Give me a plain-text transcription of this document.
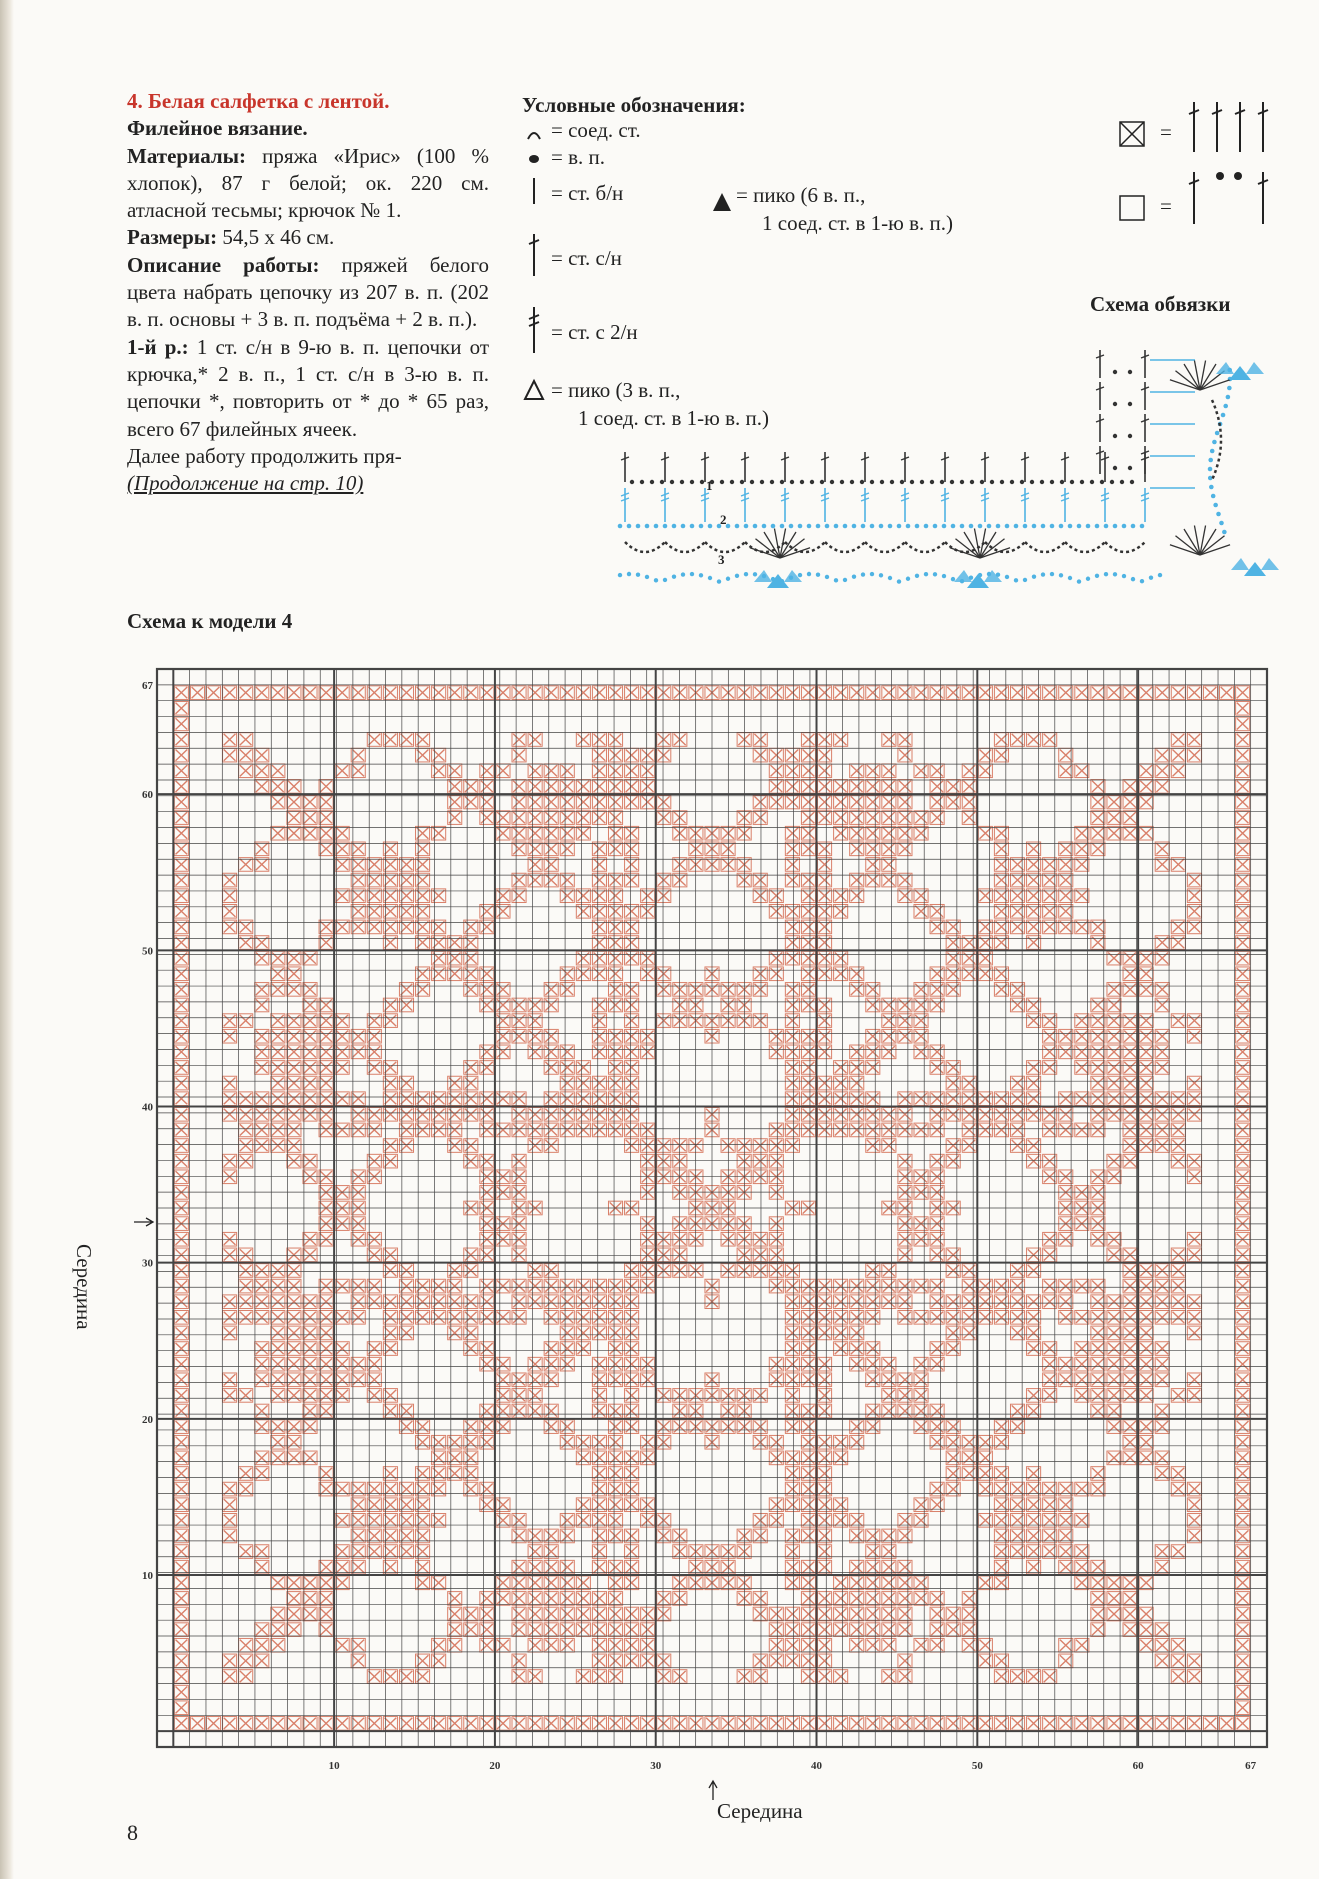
4. Белая салфетка с лентой.

Филейное вязание.

Материалы: пряжа «Ирис» (100 % хлопок), 87 г белой; ок. 220 см. атласной тесьмы; крючок № 1.

Размеры: 54,5 х 46 см.

Описание работы: пряжей белого цвета набрать цепочку из 207 в. п. (202 в. п. основы + 3 в. п. подъёма + 2 в. п.).

1-й р.: 1 ст. с/н в 9-ю в. п. цепочки от крючка,* 2 в. п., 1 ст. с/н в 3-ю в. п. цепочки *, повторить от * до * 65 раз, всего 67 филейных ячеек.

Далее работу продолжить пря-

(Продолжение на стр. 10)

Условные обозначения:
= соед. ст.
= в. п.
= ст. б/н
= ст. с/н
= ст. с 2/н
= пико (3 в. п.,
1 соед. ст. в 1-ю в. п.)
= пико (6 в. п.,
1 соед. ст. в 1-ю в. п.)
=
=
Схема обвязки
1
2
3
Схема к модели 4
10
10
20
20
30
30
40
40
50
50
60
60
67
67
Середина
Середина
8
